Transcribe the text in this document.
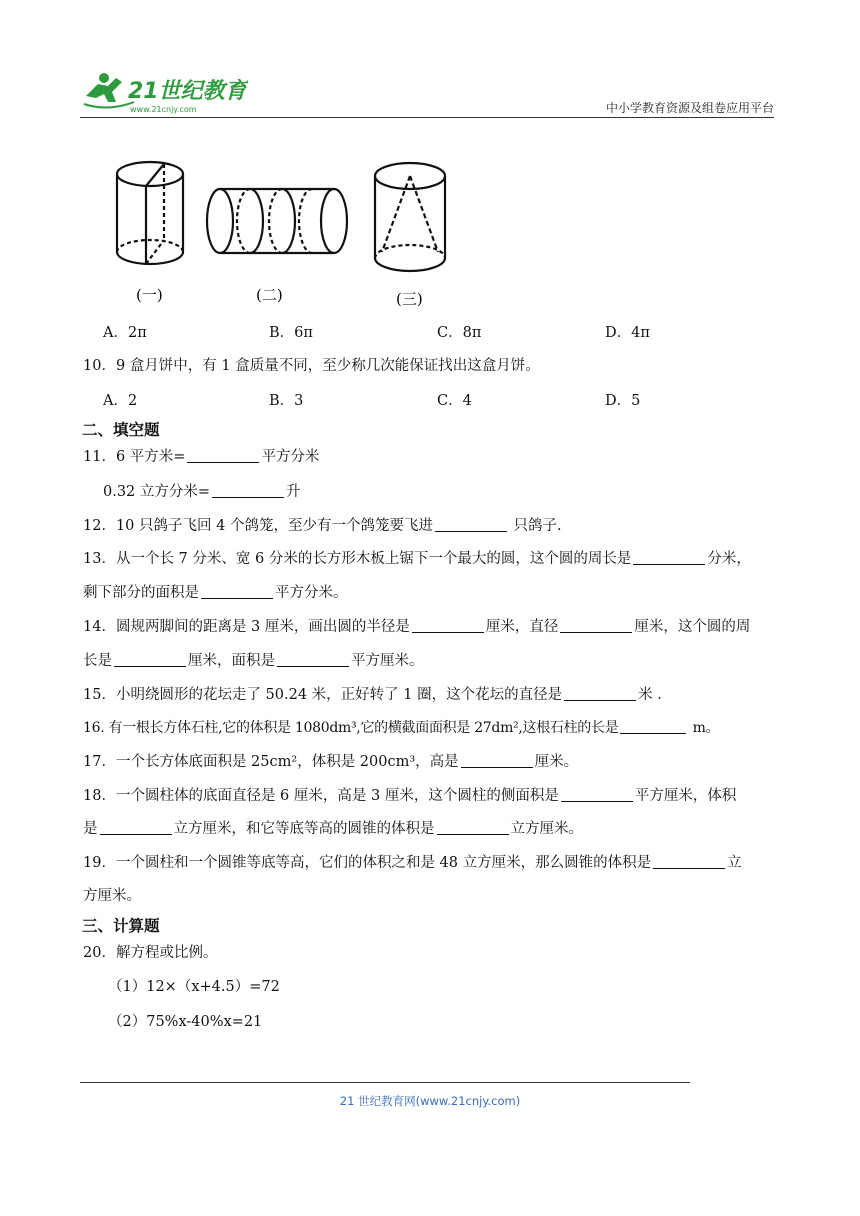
21世纪教育
www.21cnjy.com	中小学教育资源及组卷应用平台
(一)	(二)	(三)
A．2π	B．6π	C．8π	D．4π
10．9 盒月饼中，有 1 盒质量不同，至少称几次能保证找出这盒月饼。
A．2	B．3	C．4	D．5
二、填空题
11．6 平方米=	平方分米
0.32 立方分米=	升
12．10 只鸽子飞回 4 个鸽笼，至少有一个鸽笼要飞进	只鸽子.
13．从一个长 7 分米、宽 6 分米的长方形木板上锯下一个最大的圆，这个圆的周长是	分米，
剩下部分的面积是	平方分米。
14．圆规两脚间的距离是 3 厘米，画出圆的半径是	厘米，直径	厘米，这个圆的周
长是	厘米，面积是	平方厘米。
15．小明绕圆形的花坛走了 50.24 米，正好转了 1 圈，这个花坛的直径是	米 ．
16. 有一根长方体石柱,它的体积是 1080dm³,它的横截面面积是 27dm²,这根石柱的长是	m。
17．一个长方体底面积是 25cm²，体积是 200cm³，高是	厘米。
18．一个圆柱体的底面直径是 6 厘米，高是 3 厘米，这个圆柱的侧面积是	平方厘米，体积
是	立方厘米，和它等底等高的圆锥的体积是	立方厘米。
19．一个圆柱和一个圆锥等底等高，它们的体积之和是 48 立方厘米，那么圆锥的体积是	立
方厘米。
三、计算题
20．解方程或比例。
（1）12×（x+4.5）=72
（2）75%x-40%x=21
21 世纪教育网(www.21cnjy.com)
